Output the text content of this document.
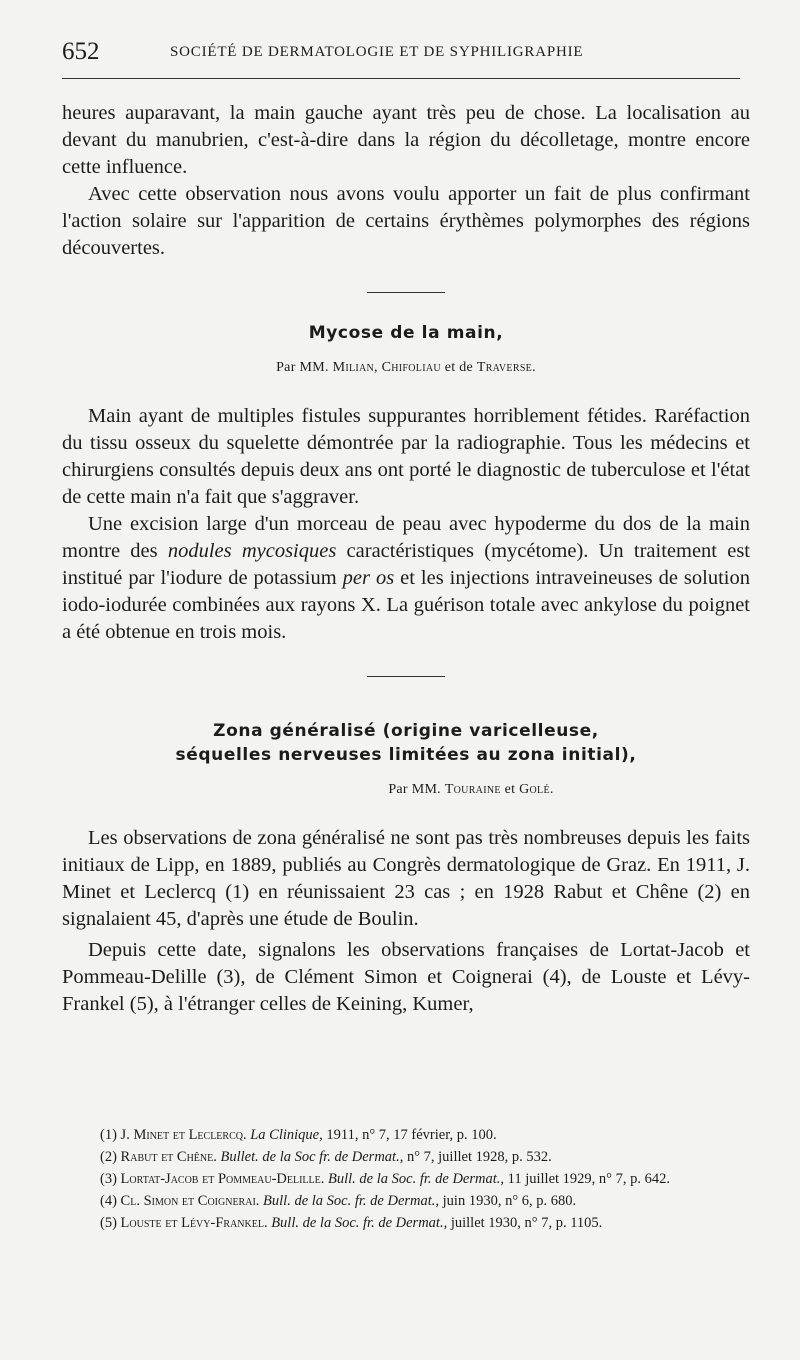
652	SOCIÉTÉ DE DERMATOLOGIE ET DE SYPHILIGRAPHIE

heures auparavant, la main gauche ayant très peu de chose. La localisation au devant du manubrien, c'est-à-dire dans la région du décolletage, montre encore cette influence.

Avec cette observation nous avons voulu apporter un fait de plus confirmant l'action solaire sur l'apparition de certains érythèmes polymorphes des régions découvertes.

Mycose de la main,
Par MM. Milian, Chifoliau et de Traverse.

Main ayant de multiples fistules suppurantes horriblement fétides. Raréfaction du tissu osseux du squelette démontrée par la radiographie. Tous les médecins et chirurgiens consultés depuis deux ans ont porté le diagnostic de tuberculose et l'état de cette main n'a fait que s'aggraver.

Une excision large d'un morceau de peau avec hypoderme du dos de la main montre des nodules mycosiques caractéristiques (mycétome). Un traitement est institué par l'iodure de potassium per os et les injections intraveineuses de solution iodo-iodurée combinées aux rayons X. La guérison totale avec ankylose du poignet a été obtenue en trois mois.

Zona généralisé (origine varicelleuse,
séquelles nerveuses limitées au zona initial),
Par MM. Touraine et Golé.

Les observations de zona généralisé ne sont pas très nombreuses depuis les faits initiaux de Lipp, en 1889, publiés au Congrès dermatologique de Graz. En 1911, J. Minet et Leclercq (1) en réunissaient 23 cas ; en 1928 Rabut et Chêne (2) en signalaient 45, d'après une étude de Boulin.

Depuis cette date, signalons les observations françaises de Lortat-Jacob et Pommeau-Delille (3), de Clément Simon et Coignerai (4), de Louste et Lévy-Frankel (5), à l'étranger celles de Keining, Kumer,

(1) J. Minet et Leclercq. La Clinique, 1911, n° 7, 17 février, p. 100.

(2) Rabut et Chêne. Bullet. de la Soc fr. de Dermat., n° 7, juillet 1928, p. 532.

(3) Lortat-Jacob et Pommeau-Delille. Bull. de la Soc. fr. de Dermat., 11 juillet 1929, n° 7, p. 642.

(4) Cl. Simon et Coignerai. Bull. de la Soc. fr. de Dermat., juin 1930, n° 6, p. 680.

(5) Louste et Lévy-Frankel. Bull. de la Soc. fr. de Dermat., juillet 1930, n° 7, p. 1105.
